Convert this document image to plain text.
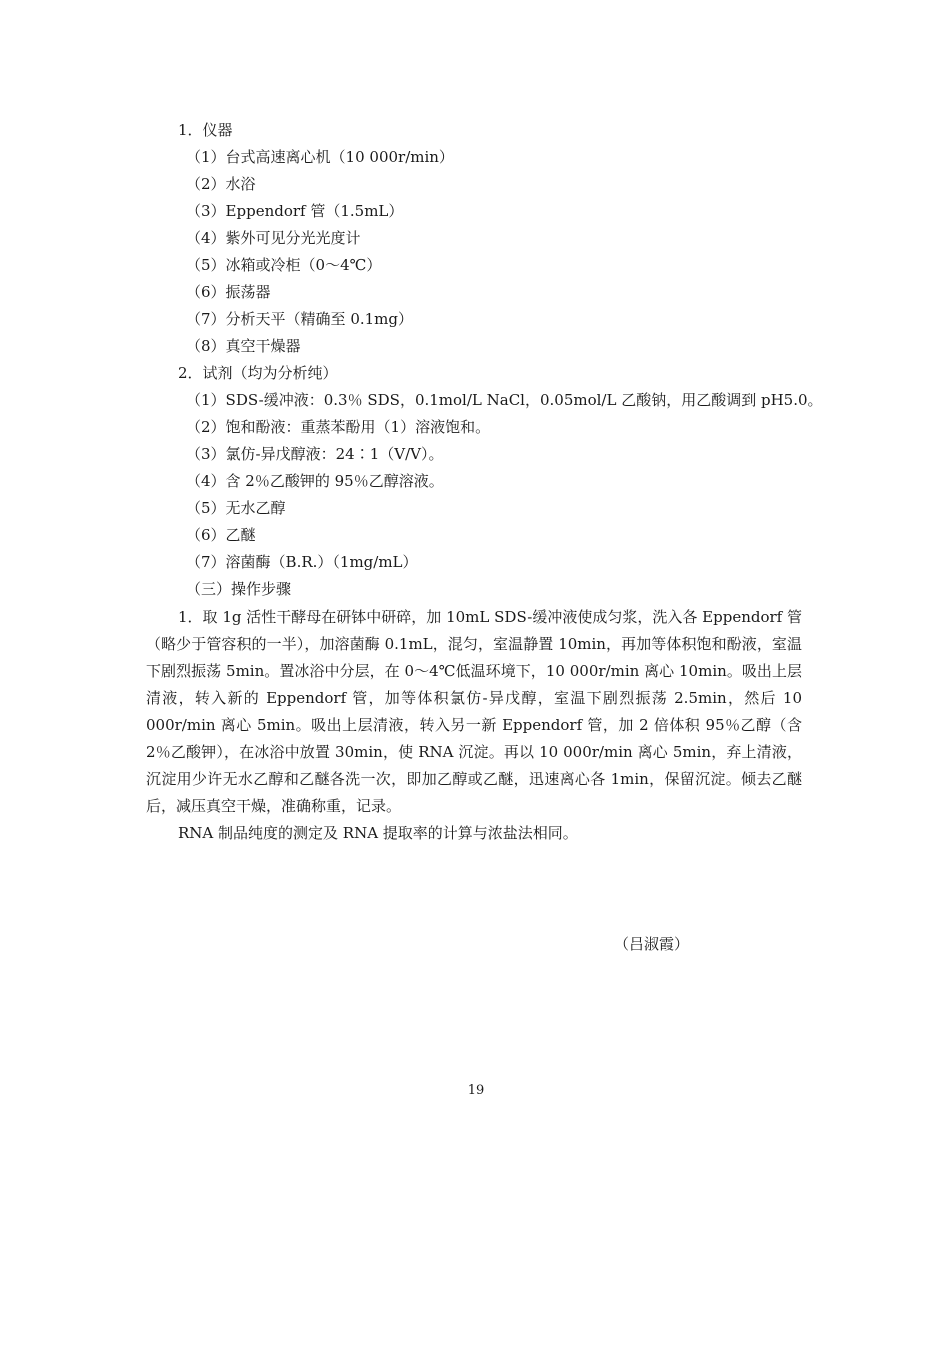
1．仪器
（1）台式高速离心机（10 000r/min）
（2）水浴
（3）Eppendorf 管（1.5mL）
（4）紫外可见分光光度计
（5）冰箱或冷柜（0～4℃）
（6）振荡器
（7）分析天平（精确至 0.1mg）
（8）真空干燥器
2．试剂（均为分析纯）
（1）SDS-缓冲液：0.3％ SDS，0.1mol/L NaCl，0.05mol/L 乙酸钠，用乙酸调到 pH5.0。
（2）饱和酚液：重蒸苯酚用（1）溶液饱和。
（3）氯仿-异戊醇液：24∶1（V/V）。
（4）含 2％乙酸钾的 95％乙醇溶液。
（5）无水乙醇
（6）乙醚
（7）溶菌酶（B.R.）（1mg/mL）
（三）操作步骤

1．取 1g 活性干酵母在研钵中研碎，加 10mL SDS-缓冲液使成匀浆，洗入各 Eppendorf 管（略少于管容积的一半），加溶菌酶 0.1mL，混匀，室温静置 10min，再加等体积饱和酚液，室温下剧烈振荡 5min。置冰浴中分层，在 0～4℃低温环境下，10 000r/min 离心 10min。吸出上层清液，转入新的 Eppendorf 管，加等体积氯仿-异戊醇，室温下剧烈振荡 2.5min，然后 10 000r/min 离心 5min。吸出上层清液，转入另一新 Eppendorf 管，加 2 倍体积 95％乙醇（含 2％乙酸钾），在冰浴中放置 30min，使 RNA 沉淀。再以 10 000r/min 离心 5min，弃上清液，沉淀用少许无水乙醇和乙醚各洗一次，即加乙醇或乙醚，迅速离心各 1min，保留沉淀。倾去乙醚后，减压真空干燥，准确称重，记录。

RNA 制品纯度的测定及 RNA 提取率的计算与浓盐法相同。

（吕淑霞）
19
